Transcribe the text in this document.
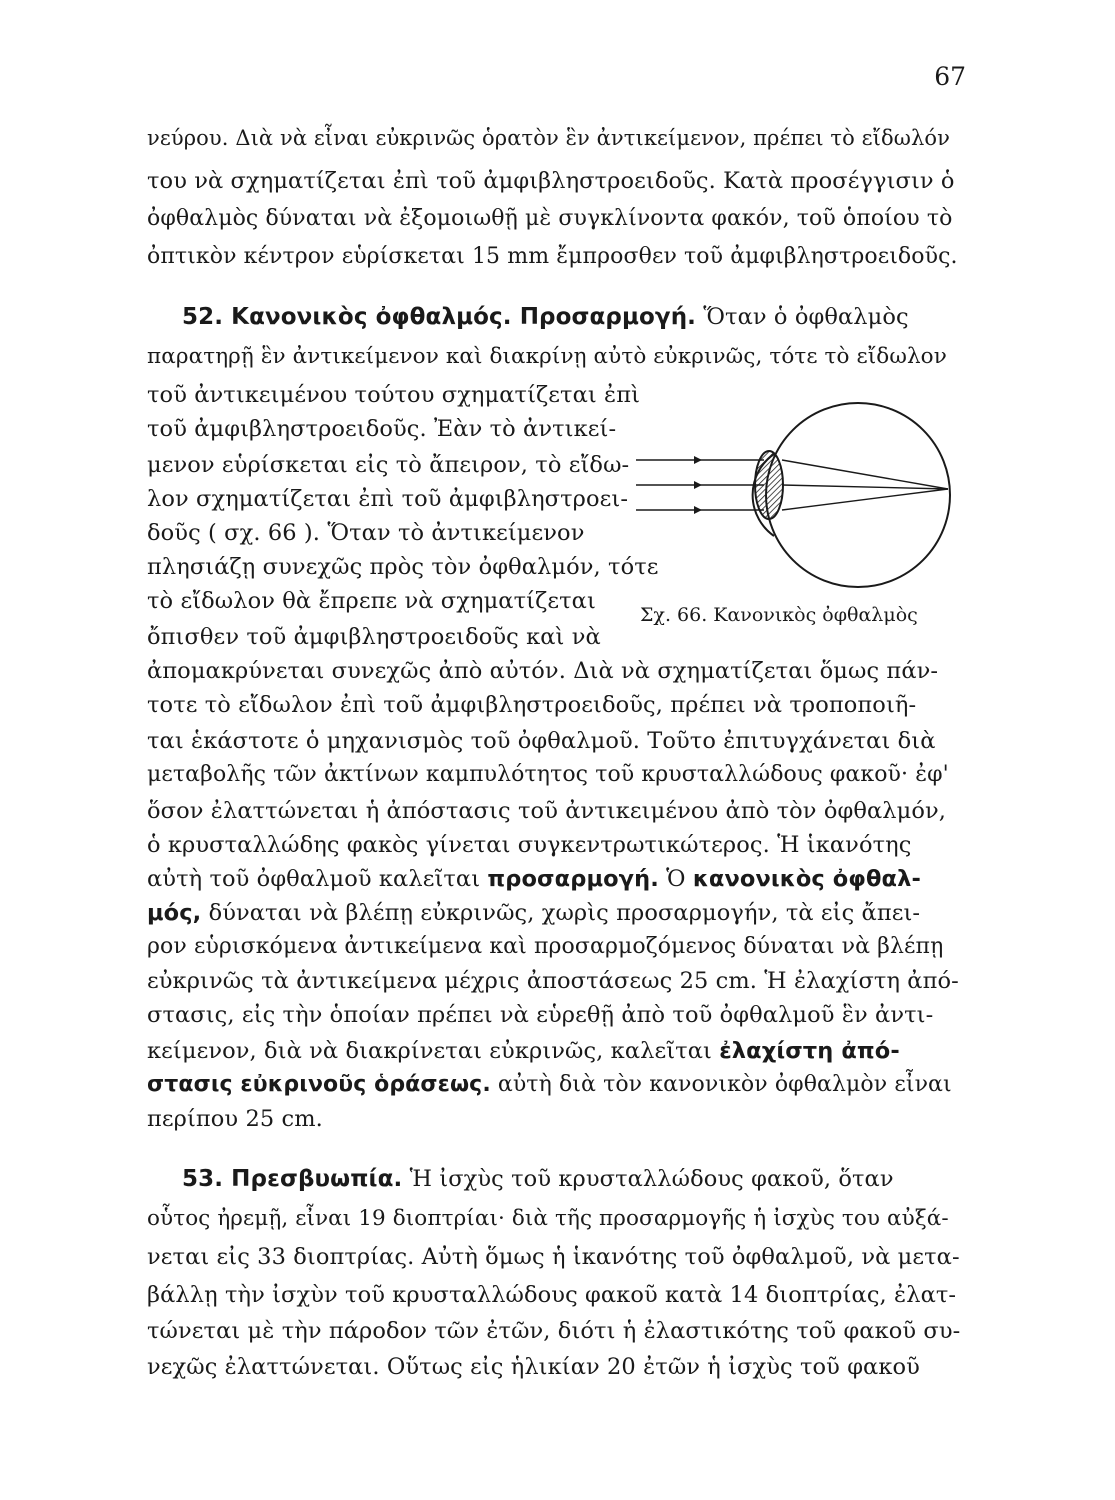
67
νεύρου. Διὰ νὰ εἶναι εὐκρινῶς ὁρατὸν ἓν ἀντικείμενον, πρέπει τὸ εἴδωλόν
του νὰ σχηματίζεται ἐπὶ τοῦ ἀμφιβληστροειδοῦς. Κατὰ προσέγγισιν ὁ
ὀφθαλμὸς δύναται νὰ ἐξομοιωθῇ μὲ συγκλίνοντα φακόν, τοῦ ὁποίου τὸ
ὀπτικὸν κέντρον εὑρίσκεται 15 mm ἔμπροσθεν τοῦ ἀμφιβληστροειδοῦς.
52. Κανονικὸς ὀφθαλμός. Προσαρμογή. Ὅταν ὁ ὀφθαλμὸς
παρατηρῇ ἓν ἀντικείμενον καὶ διακρίνῃ αὐτὸ εὐκρινῶς, τότε τὸ εἴδωλον
τοῦ ἀντικειμένου τούτου σχηματίζεται ἐπὶ
τοῦ ἀμφιβληστροειδοῦς. Ἐὰν τὸ ἀντικεί-
μενον εὑρίσκεται εἰς τὸ ἄπειρον, τὸ εἴδω-
λον σχηματίζεται ἐπὶ τοῦ ἀμφιβληστροει-
δοῦς ( σχ. 66 ). Ὅταν τὸ ἀντικείμενον
πλησιάζῃ συνεχῶς πρὸς τὸν ὀφθαλμόν, τότε
τὸ εἴδωλον θὰ ἔπρεπε νὰ σχηματίζεται
ὄπισθεν τοῦ ἀμφιβληστροειδοῦς καὶ νὰ
Σχ. 66. Κανονικὸς ὀφθαλμὸς
ἀπομακρύνεται συνεχῶς ἀπὸ αὐτόν. Διὰ νὰ σχηματίζεται ὅμως πάν-
τοτε τὸ εἴδωλον ἐπὶ τοῦ ἀμφιβληστροειδοῦς, πρέπει νὰ τροποποιῆ-
ται ἑκάστοτε ὁ μηχανισμὸς τοῦ ὀφθαλμοῦ. Τοῦτο ἐπιτυγχάνεται διὰ
μεταβολῆς τῶν ἀκτίνων καμπυλότητος τοῦ κρυσταλλώδους φακοῦ· ἐφ'
ὅσον ἐλαττώνεται ἡ ἀπόστασις τοῦ ἀντικειμένου ἀπὸ τὸν ὀφθαλμόν,
ὁ κρυσταλλώδης φακὸς γίνεται συγκεντρωτικώτερος. Ἡ ἱκανότης
αὐτὴ τοῦ ὀφθαλμοῦ καλεῖται προσαρμογή. Ὁ κανονικὸς ὀφθαλ-
μός, δύναται νὰ βλέπῃ εὐκρινῶς, χωρὶς προσαρμογήν, τὰ εἰς ἄπει-
ρον εὑρισκόμενα ἀντικείμενα καὶ προσαρμοζόμενος δύναται νὰ βλέπῃ
εὐκρινῶς τὰ ἀντικείμενα μέχρις ἀποστάσεως 25 cm. Ἡ ἐλαχίστη ἀπό-
στασις, εἰς τὴν ὁποίαν πρέπει νὰ εὑρεθῇ ἀπὸ τοῦ ὀφθαλμοῦ ἓν ἀντι-
κείμενον, διὰ νὰ διακρίνεται εὐκρινῶς, καλεῖται ἐλαχίστη ἀπό-
στασις εὐκρινοῦς ὁράσεως. αὐτὴ διὰ τὸν κανονικὸν ὀφθαλμὸν εἶναι
περίπου 25 cm.
53. Πρεσβυωπία. Ἡ ἰσχὺς τοῦ κρυσταλλώδους φακοῦ, ὅταν
οὗτος ἠρεμῇ, εἶναι 19 διοπτρίαι· διὰ τῆς προσαρμογῆς ἡ ἰσχὺς του αὐξά-
νεται εἰς 33 διοπτρίας. Αὐτὴ ὅμως ἡ ἱκανότης τοῦ ὀφθαλμοῦ, νὰ μετα-
βάλλῃ τὴν ἰσχὺν τοῦ κρυσταλλώδους φακοῦ κατὰ 14 διοπτρίας, ἐλατ-
τώνεται μὲ τὴν πάροδον τῶν ἐτῶν, διότι ἡ ἐλαστικότης τοῦ φακοῦ συ-
νεχῶς ἐλαττώνεται. Οὕτως εἰς ἡλικίαν 20 ἐτῶν ἡ ἰσχὺς τοῦ φακοῦ
